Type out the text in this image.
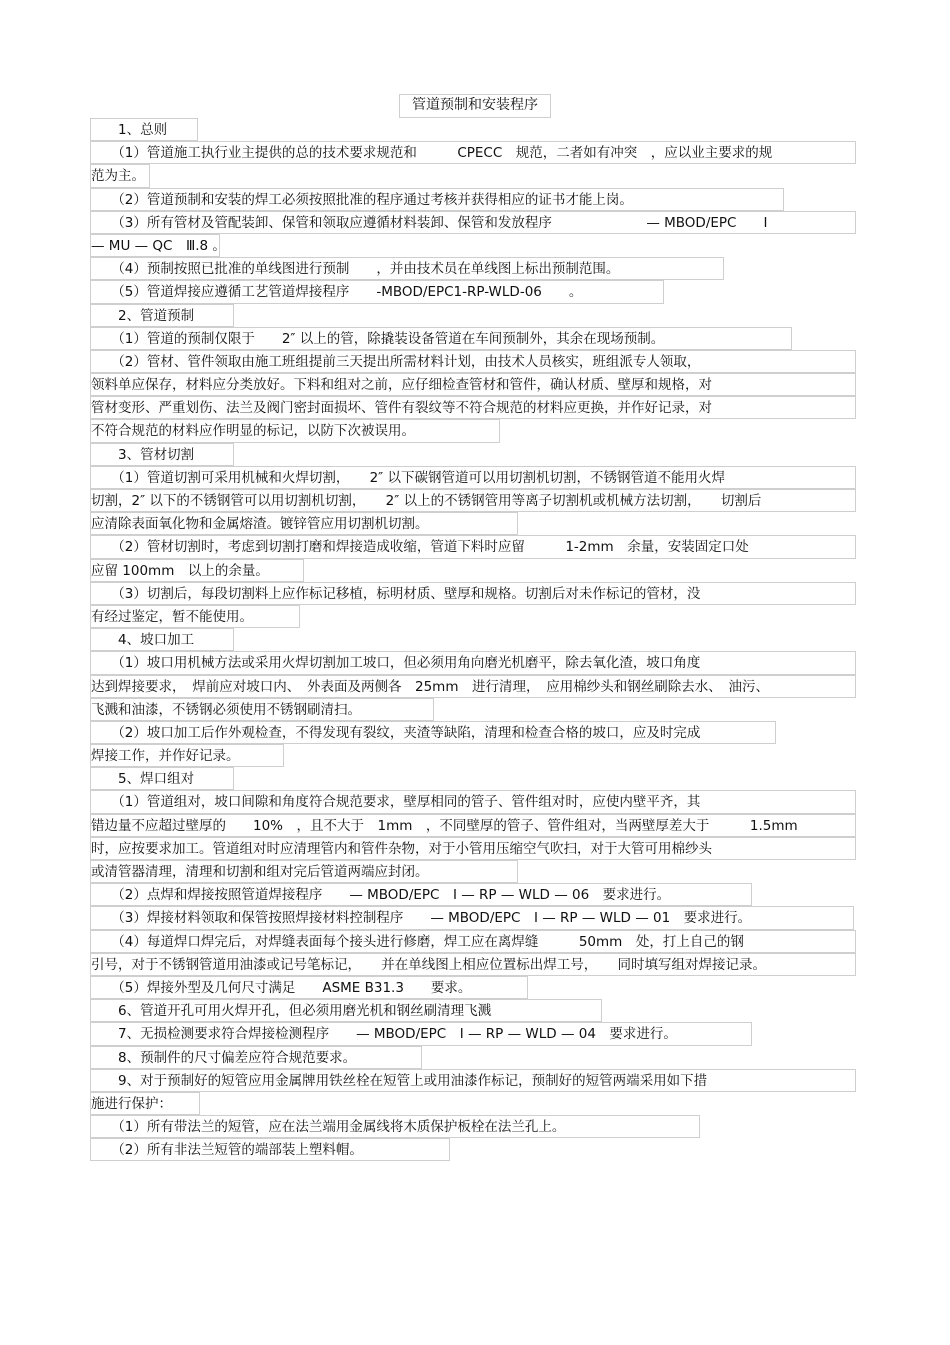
管道预制和安装程序
　　1、总则
　　（1）管道施工执行业主提供的总的技术要求规范和　　　CPECC　规范，二者如有冲突　，应以业主要求的规
范为主。
　　（2）管道预制和安装的焊工必须按照批准的程序通过考核并获得相应的证书才能上岗。
　　（3）所有管材及管配装卸、保管和领取应遵循材料装卸、保管和发放程序　　　　　　　— MBOD/EPC　　Ⅰ
— MU — QC　Ⅲ.8 。
　　（4）预制按照已批准的单线图进行预制　　，并由技术员在单线图上标出预制范围。
　　（5）管道焊接应遵循工艺管道焊接程序　　-MBOD/EPC1-RP-WLD-06　　。
　　2、管道预制
　　（1）管道的预制仅限于　　2″ 以上的管，除撬装设备管道在车间预制外，其余在现场预制。
　　（2）管材、管件领取由施工班组提前三天提出所需材料计划，由技术人员核实，班组派专人领取，
领料单应保存，材料应分类放好。下料和组对之前，应仔细检查管材和管件，确认材质、壁厚和规格，对
管材变形、严重划伤、法兰及阀门密封面损坏、管件有裂纹等不符合规范的材料应更换，并作好记录，对
不符合规范的材料应作明显的标记，以防下次被误用。
　　3、管材切割
　　（1）管道切割可采用机械和火焊切割，　　2″ 以下碳钢管道可以用切割机切割，不锈钢管道不能用火焊
切割，2″ 以下的不锈钢管可以用切割机切割，　　2″ 以上的不锈钢管用等离子切割机或机械方法切割，　　切割后
应清除表面氧化物和金属熔渣。镀锌管应用切割机切割。
　　（2）管材切割时，考虑到切割打磨和焊接造成收缩，管道下料时应留　　　1-2mm　余量，安装固定口处
应留 100mm　以上的余量。
　　（3）切割后，每段切割料上应作标记移植，标明材质、壁厚和规格。切割后对未作标记的管材，没
有经过鉴定，暂不能使用。
　　4、坡口加工
　　（1）坡口用机械方法或采用火焊切割加工坡口，但必须用角向磨光机磨平，除去氧化渣，坡口角度
达到焊接要求，　焊前应对坡口内、　外表面及两侧各　25mm　进行清理，　应用棉纱头和钢丝刷除去水、　油污、
飞溅和油漆，不锈钢必须使用不锈钢刷清扫。
　　（2）坡口加工后作外观检查，不得发现有裂纹，夹渣等缺陷，清理和检查合格的坡口，应及时完成
焊接工作，并作好记录。
　　5、焊口组对
　　（1）管道组对，坡口间隙和角度符合规范要求，壁厚相同的管子、管件组对时，应使内壁平齐，其
错边量不应超过壁厚的　　10%　，且不大于　1mm　，不同壁厚的管子、管件组对，当两壁厚差大于　　　1.5mm
时，应按要求加工。管道组对时应清理管内和管件杂物，对于小管用压缩空气吹扫，对于大管可用棉纱头
或清管器清理，清理和切割和组对完后管道两端应封闭。
　　（2）点焊和焊接按照管道焊接程序　　— MBOD/EPC　Ⅰ — RP — WLD — 06　要求进行。
　　（3）焊接材料领取和保管按照焊接材料控制程序　　— MBOD/EPC　Ⅰ — RP — WLD — 01　要求进行。
　　（4）每道焊口焊完后，对焊缝表面每个接头进行修磨，焊工应在离焊缝　　　50mm　处，打上自己的钢
引号，对于不锈钢管道用油漆或记号笔标记，　　并在单线图上相应位置标出焊工号，　　同时填写组对焊接记录。
　　（5）焊接外型及几何尺寸满足　　ASME B31.3　　要求。
　　6、管道开孔可用火焊开孔，但必须用磨光机和钢丝刷清理飞溅
　　7、无损检测要求符合焊接检测程序　　— MBOD/EPC　Ⅰ — RP — WLD — 04　要求进行。
　　8、预制件的尺寸偏差应符合规范要求。
　　9、对于预制好的短管应用金属牌用铁丝栓在短管上或用油漆作标记，预制好的短管两端采用如下措
施进行保护：
　　（1）所有带法兰的短管，应在法兰端用金属线将木质保护板栓在法兰孔上。
　　（2）所有非法兰短管的端部装上塑料帽。
